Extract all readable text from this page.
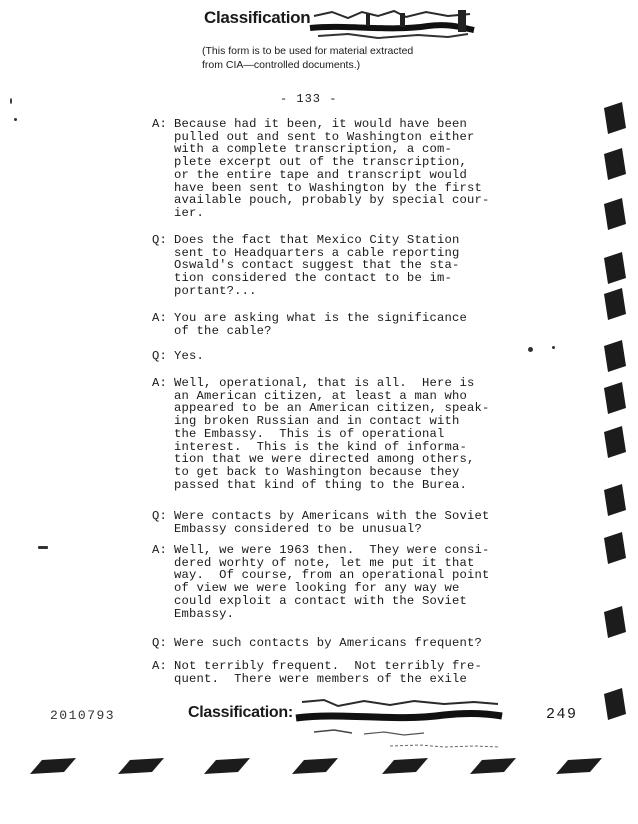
Classification
(This form is to be used for material extracted
from CIA—controlled documents.)
- 133 -
A: Because had it been, it would have been
pulled out and sent to Washington either
with a complete transcription, a com-
plete excerpt out of the transcription,
or the entire tape and transcript would
have been sent to Washington by the first
available pouch, probably by special cour-
ier.
Q: Does the fact that Mexico City Station
sent to Headquarters a cable reporting
Oswald's contact suggest that the sta-
tion considered the contact to be im-
portant?...
A: You are asking what is the significance
of the cable?
Q: Yes.
A: Well, operational, that is all.  Here is
an American citizen, at least a man who
appeared to be an American citizen, speak-
ing broken Russian and in contact with
the Embassy.  This is of operational
interest.  This is the kind of informa-
tion that we were directed among others,
to get back to Washington because they
passed that kind of thing to the Burea.
Q: Were contacts by Americans with the Soviet
Embassy considered to be unusual?
A: Well, we were 1963 then.  They were consi-
dered worhty of note, let me put it that
way.  Of course, from an operational point
of view we were looking for any way we
could exploit a contact with the Soviet
Embassy.
Q: Were such contacts by Americans frequent?
A: Not terribly frequent.  Not terribly fre-
quent.  There were members of the exile
2010793	Classification:	249
